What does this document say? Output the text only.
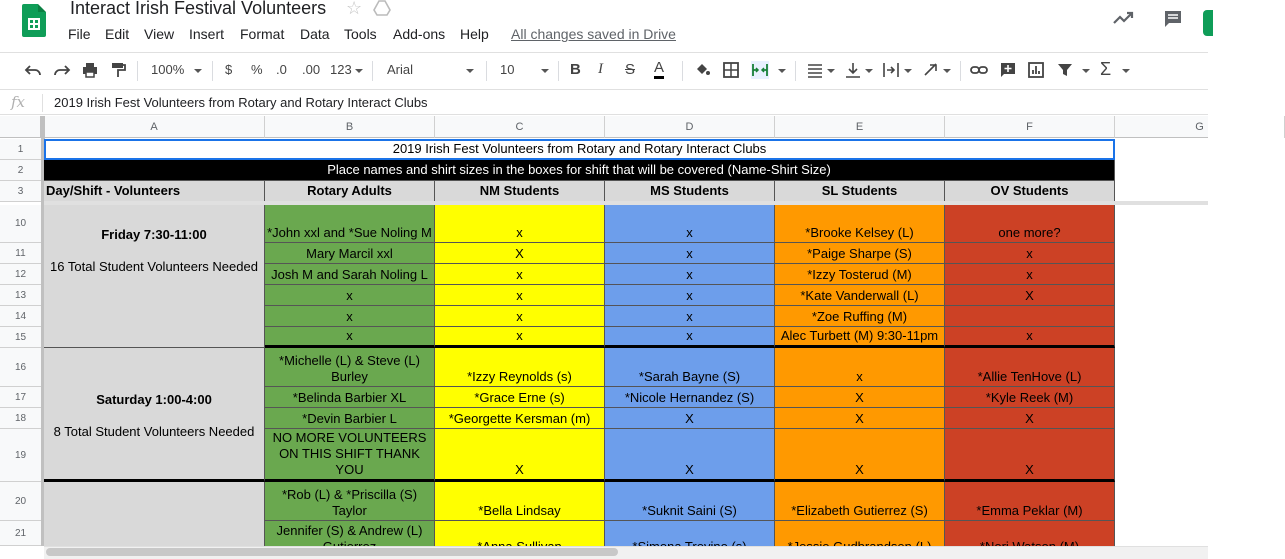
Interact Irish Festival Volunteers ☆
File Edit View Insert Format Data Tools Add-ons Help All changes saved in Drive
100%	$ % .0 .00 123	Arial	10	B I S A	Σ
fx 2019 Irish Fest Volunteers from Rotary and Rotary Interact Clubs
A	B	C	D	E	F	G
1
2
3
10
11
12
13
14
15
16
17
18
19
20
21
2019 Irish Fest Volunteers from Rotary and Rotary Interact Clubs
Place names and shirt sizes in the boxes for shift that will be covered (Name-Shirt Size)
Day/Shift - Volunteers	Rotary Adults	NM Students	MS Students	SL Students	OV Students
Friday 7:30-11:00
16 Total Student Volunteers Needed
*John xxl and *Sue Noling M	x	x	*Brooke Kelsey (L)	one more?
Mary Marcil xxl	X	x	*Paige Sharpe (S)	x
Josh M and Sarah Noling L	x	x	*Izzy Tosterud (M)	x
x	x	x	*Kate Vanderwall (L)	X
x	x	x	*Zoe Ruffing (M)
x	x	x	Alec Turbett (M) 9:30-11pm	x
Saturday 1:00-4:00
8 Total Student Volunteers Needed
*Michelle (L) & Steve (L) Burley	*Izzy Reynolds (s)	*Sarah Bayne (S)	x	*Allie TenHove (L)
*Belinda Barbier XL	*Grace Erne (s)	*Nicole Hernandez (S)	X	*Kyle Reek (M)
*Devin Barbier L	*Georgette Kersman (m)	X	X	X
NO MORE VOLUNTEERS ON THIS SHIFT THANK YOU	X	X	X	X
*Rob (L) & *Priscilla (S) Taylor	*Bella Lindsay	*Suknit Saini (S)	*Elizabeth Gutierrez (S)	*Emma Peklar (M)
Jennifer (S) & Andrew (L)
